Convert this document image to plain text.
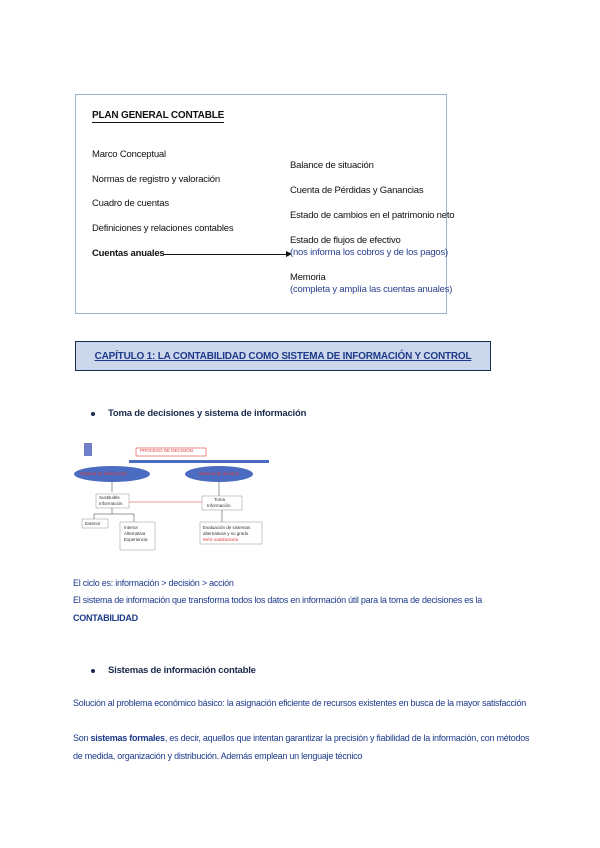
PLAN GENERAL CONTABLE
Marco Conceptual
Normas de registro y valoración
Cuadro de cuentas
Definiciones y relaciones contables
Cuentas anuales
Balance de situación
Cuenta de Pérdidas y Ganancias
Estado de cambios en el patrimonio neto
Estado de flujos de efectivo
(nos informa los cobros y de los pagos)
Memoria
(completa y amplía las cuentas anuales)
CAPÍTULO 1: LA CONTABILIDAD COMO SISTEMA DE INFORMACIÓN Y CONTROL
Toma de decisiones y sistema de información
PROCESO DE DECISIÓN
Sistema de información	Sistema de decisión
Sustituible
Información
Toma
Información
Exterior
Interior
Alternativa
Experiencia
Evaluación de sistemas
alternativas y su grado
MÁS satisfactoria
El ciclo es: información > decisión > acción
El sistema de información que transforma todos los datos en información útil para la toma de decisiones es la
CONTABILIDAD
Sistemas de información contable
Solución al problema económico básico: la asignación eficiente de recursos existentes en busca de la mayor satisfacción
Son sistemas formales, es decir, aquellos que intentan garantizar la precisión y fiabilidad de la información, con métodos
de medida, organización y distribución. Además emplean un lenguaje técnico
